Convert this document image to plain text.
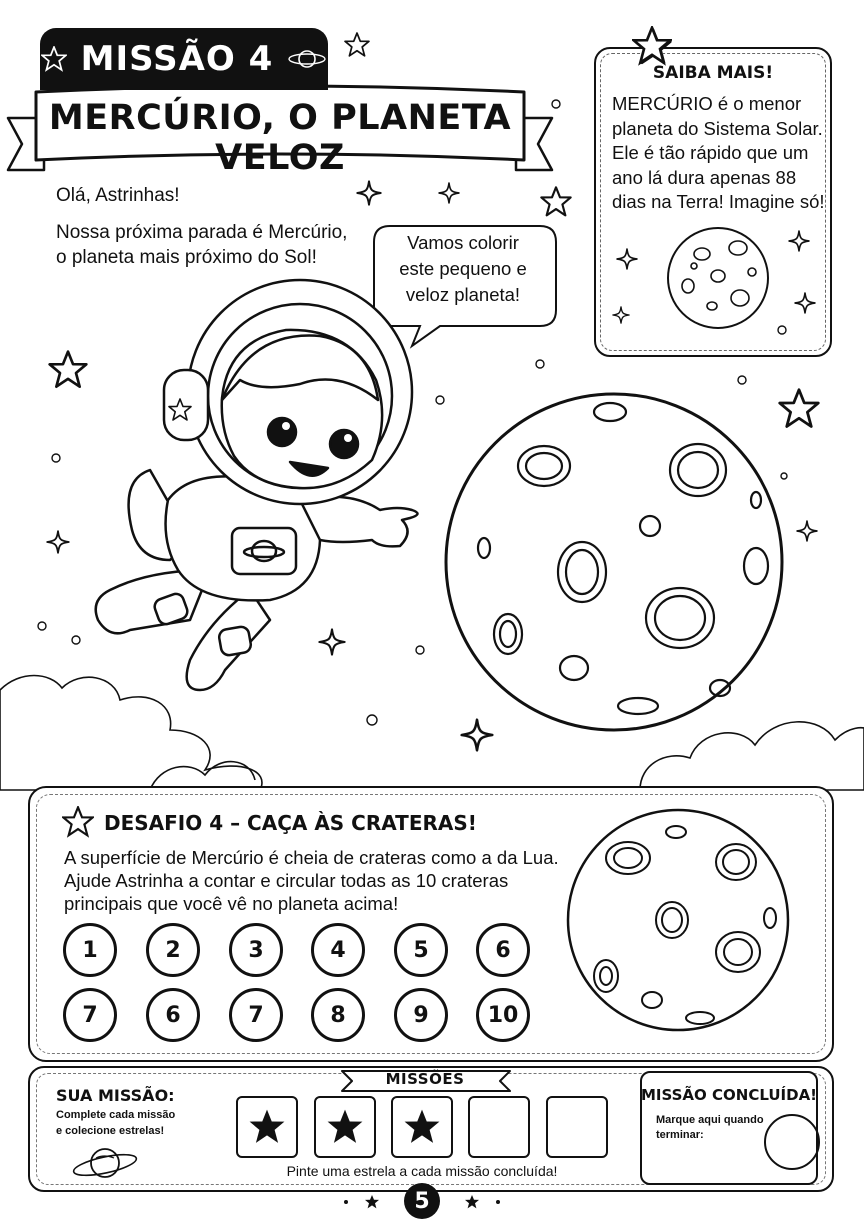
MISSÃO 4
MERCÚRIO, O PLANETA VELOZ
Olá, Astrinhas!
Nossa próxima parada é Mercúrio,
o planeta mais próximo do Sol!
Vamos colorir
este pequeno e
veloz planeta!
SAIBA MAIS!
MERCÚRIO é o menor
planeta do Sistema Solar.
Ele é tão rápido que um
ano lá dura apenas 88
dias na Terra! Imagine só!
DESAFIO 4 – CAÇA ÀS CRATERAS!
A superfície de Mercúrio é cheia de crateras como a da Lua.
Ajude Astrinha a contar e circular todas as 10 crateras
principais que você vê no planeta acima!
1	2	3	4	5	6
7	6	7	8	9	10
SUA MISSÃO:
Complete cada missão
e colecione estrelas!
MISSÕES
Pinte uma estrela a cada missão concluída!
MISSÃO CONCLUÍDA!
Marque aqui quando
terminar:
5
